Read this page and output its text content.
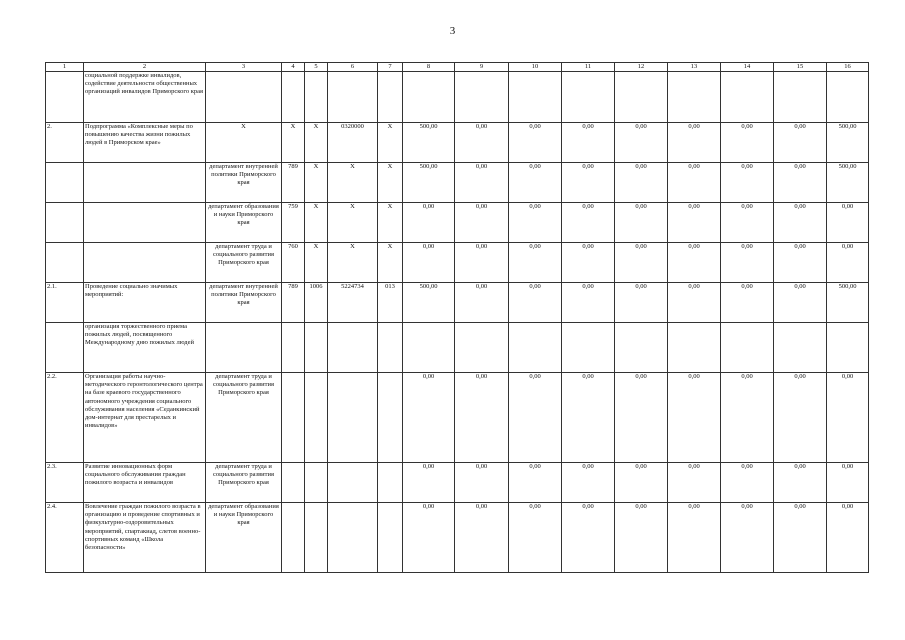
3
1	2	3	4	5	6	7	8	9	10	11	12	13	14	15	16
	социальной поддержке инвалидов, содействие деятельности общественных организаций инвалидов Приморского края														
2.	Подпрограмма «Комплексные меры по повышению качества жизни пожилых людей в Приморском крае»	X	X	X	0320000	X	500,00	0,00	0,00	0,00	0,00	0,00	0,00	0,00	500,00
		департамент внутренней политики Приморского края	789	X	X	X	500,00	0,00	0,00	0,00	0,00	0,00	0,00	0,00	500,00
		департамент образования и науки Приморского края	759	X	X	X	0,00	0,00	0,00	0,00	0,00	0,00	0,00	0,00	0,00
		департамент труда и социального развития Приморского края	760	X	X	X	0,00	0,00	0,00	0,00	0,00	0,00	0,00	0,00	0,00
2.1.	Проведение социально значимых мероприятий:	департамент внутренней политики Приморского края	789	1006	5224734	013	500,00	0,00	0,00	0,00	0,00	0,00	0,00	0,00	500,00
	организация торжественного приема пожилых людей, посвященного Международному дню пожилых людей														
2.2.	Организация работы научно-методического геронтологического центра на базе краевого государственного автономного учреждения социального обслуживания населения «Седанкинский дом-интернат для престарелых и инвалидов»	департамент труда и социального развития Приморского края					0,00	0,00	0,00	0,00	0,00	0,00	0,00	0,00	0,00
2.3.	Развитие инновационных форм социального обслуживания граждан пожилого возраста и инвалидов	департамент труда и социального развития Приморского края					0,00	0,00	0,00	0,00	0,00	0,00	0,00	0,00	0,00
2.4.	Вовлечение граждан пожилого возраста в организацию и проведение спортивных и физкультурно-оздоровительных мероприятий, спартакиад, слетов военно-спортивных команд «Школа безопасности»	департамент образования и науки Приморского края					0,00	0,00	0,00	0,00	0,00	0,00	0,00	0,00	0,00
